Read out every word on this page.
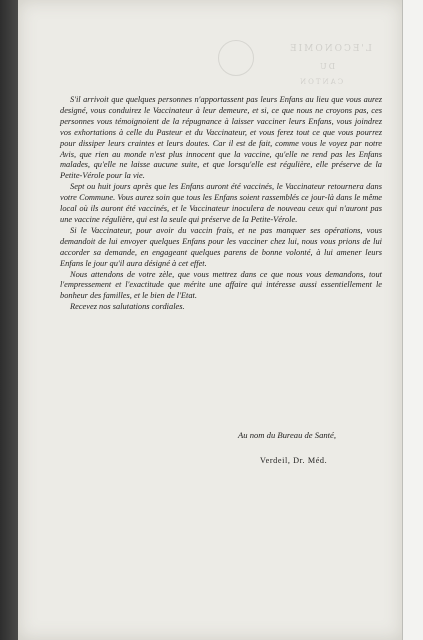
L'ECONOMIE
DU
CANTON

S'il arrivoit que quelques personnes n'apportassent pas leurs Enfans au lieu que vous aurez designé, vous conduirez le Vaccinateur à leur demeure, et si, ce que nous ne croyons pas, ces personnes vous témoignoient de la répugnance à laisser vacciner leurs Enfans, vous joindrez vos exhortations à celle du Pasteur et du Vaccinateur, et vous ferez tout ce que vous pourrez pour dissiper leurs craintes et leurs doutes. Car il est de fait, comme vous le voyez par notre Avis, que rien au monde n'est plus innocent que la vaccine, qu'elle ne rend pas les Enfans malades, qu'elle ne laisse aucune suite, et que lorsqu'elle est régulière, elle préserve de la Petite-Vérole pour la vie.

Sept ou huit jours après que les Enfans auront été vaccinés, le Vaccinateur retournera dans votre Commune. Vous aurez soin que tous les Enfans soient rassemblés ce jour-là dans le même local où ils auront été vaccinés, et le Vaccinateur inoculera de nouveau ceux qui n'auront pas une vaccine régulière, qui est la seule qui préserve de la Petite-Vérole.

Si le Vaccinateur, pour avoir du vaccin frais, et ne pas manquer ses opérations, vous demandoit de lui envoyer quelques Enfans pour les vacciner chez lui, nous vous prions de lui accorder sa demande, en engageant quelques parens de bonne volonté, à lui amener leurs Enfans le jour qu'il aura désigné à cet effet.

Nous attendons de votre zèle, que vous mettrez dans ce que nous vous demandons, tout l'empressement et l'exactitude que mérite une affaire qui intéresse aussi essentiellement le bonheur des familles, et le bien de l'Etat.

Recevez nos salutations cordiales.

Au nom du Bureau de Santé,
Verdeil, Dr. Méd.
